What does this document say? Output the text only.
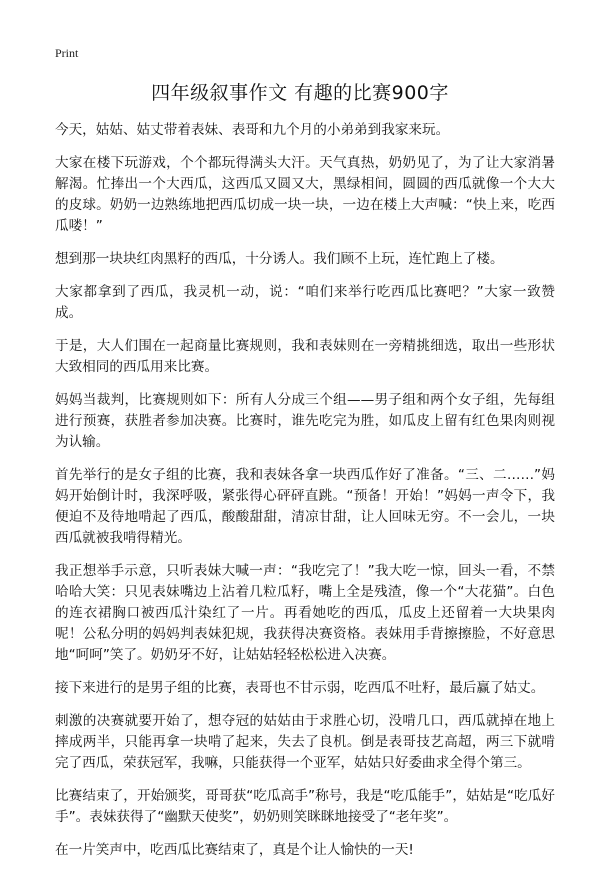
Print
四年级叙事作文 有趣的比赛900字

今天，姑姑、姑丈带着表妹、表哥和九个月的小弟弟到我家来玩。

大家在楼下玩游戏，个个都玩得满头大汗。天气真热，奶奶见了，为了让大家消暑解渴。忙捧出一个大西瓜，这西瓜又圆又大，黑绿相间，圆圆的西瓜就像一个大大的皮球。奶奶一边熟练地把西瓜切成一块一块，一边在楼上大声喊：“快上来，吃西瓜喽！”

想到那一块块红肉黑籽的西瓜，十分诱人。我们顾不上玩，连忙跑上了楼。

大家都拿到了西瓜，我灵机一动，说：“咱们来举行吃西瓜比赛吧？”大家一致赞成。

于是，大人们围在一起商量比赛规则，我和表妹则在一旁精挑细选，取出一些形状大致相同的西瓜用来比赛。

妈妈当裁判，比赛规则如下：所有人分成三个组——男子组和两个女子组，先每组进行预赛，获胜者参加决赛。比赛时，谁先吃完为胜，如瓜皮上留有红色果肉则视为认输。

首先举行的是女子组的比赛，我和表妹各拿一块西瓜作好了准备。“三、二……”妈妈开始倒计时，我深呼吸，紧张得心砰砰直跳。“预备！开始！”妈妈一声令下，我便迫不及待地啃起了西瓜，酸酸甜甜，清凉甘甜，让人回味无穷。不一会儿，一块西瓜就被我啃得精光。

我正想举手示意，只听表妹大喊一声：“我吃完了！”我大吃一惊，回头一看，不禁哈哈大笑：只见表妹嘴边上沾着几粒瓜籽，嘴上全是残渣，像一个“大花猫”。白色的连衣裙胸口被西瓜汁染红了一片。再看她吃的西瓜，瓜皮上还留着一大块果肉呢！公私分明的妈妈判表妹犯规，我获得决赛资格。表妹用手背擦擦脸，不好意思地“呵呵”笑了。奶奶牙不好，让姑姑轻轻松松进入决赛。

接下来进行的是男子组的比赛，表哥也不甘示弱，吃西瓜不吐籽，最后赢了姑丈。

刺激的决赛就要开始了，想夺冠的姑姑由于求胜心切，没啃几口，西瓜就掉在地上摔成两半，只能再拿一块啃了起来，失去了良机。倒是表哥技艺高超，两三下就啃完了西瓜，荣获冠军，我嘛，只能获得一个亚军，姑姑只好委曲求全得个第三。

比赛结束了，开始颁奖，哥哥获“吃瓜高手”称号，我是“吃瓜能手”，姑姑是“吃瓜好手”。表妹获得了“幽默天使奖”，奶奶则笑眯眯地接受了“老年奖”。

在一片笑声中，吃西瓜比赛结束了，真是个让人愉快的一天!
